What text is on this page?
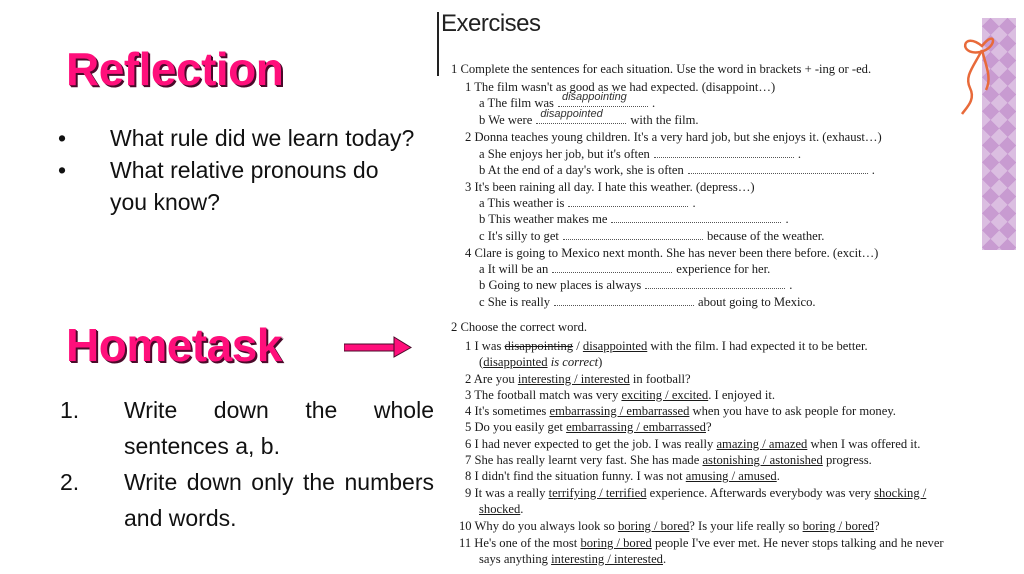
Reflection
• What rule did we learn today?
• What relative pronouns do you know?
Hometask
1. Write down the whole sentences a, b.
2. Write down only the numbers and words.
Exercises
1 Complete the sentences for each situation. Use the word in brackets + -ing or -ed.
1 The film wasn't as good as we had expected. (disappoint…)
a The film was disappointing .
b We were disappointed with the film.
2 Donna teaches young children. It's a very hard job, but she enjoys it. (exhaust…)
a She enjoys her job, but it's often	.
b At the end of a day's work, she is often	.
3 It's been raining all day. I hate this weather. (depress…)
a This weather is	.
b This weather makes me	.
c It's silly to get	because of the weather.
4 Clare is going to Mexico next month. She has never been there before. (excit…)
a It will be an	experience for her.
b Going to new places is always	.
c She is really	about going to Mexico.
2 Choose the correct word.
1 I was disappointing / disappointed with the film. I had expected it to be better.
(disappointed is correct)
2 Are you interesting / interested in football?
3 The football match was very exciting / excited. I enjoyed it.
4 It's sometimes embarrassing / embarrassed when you have to ask people for money.
5 Do you easily get embarrassing / embarrassed?
6 I had never expected to get the job. I was really amazing / amazed when I was offered it.
7 She has really learnt very fast. She has made astonishing / astonished progress.
8 I didn't find the situation funny. I was not amusing / amused.
9 It was a really terrifying / terrified experience. Afterwards everybody was very shocking /
shocked.
10 Why do you always look so boring / bored? Is your life really so boring / bored?
11 He's one of the most boring / bored people I've ever met. He never stops talking and he never
says anything interesting / interested.
